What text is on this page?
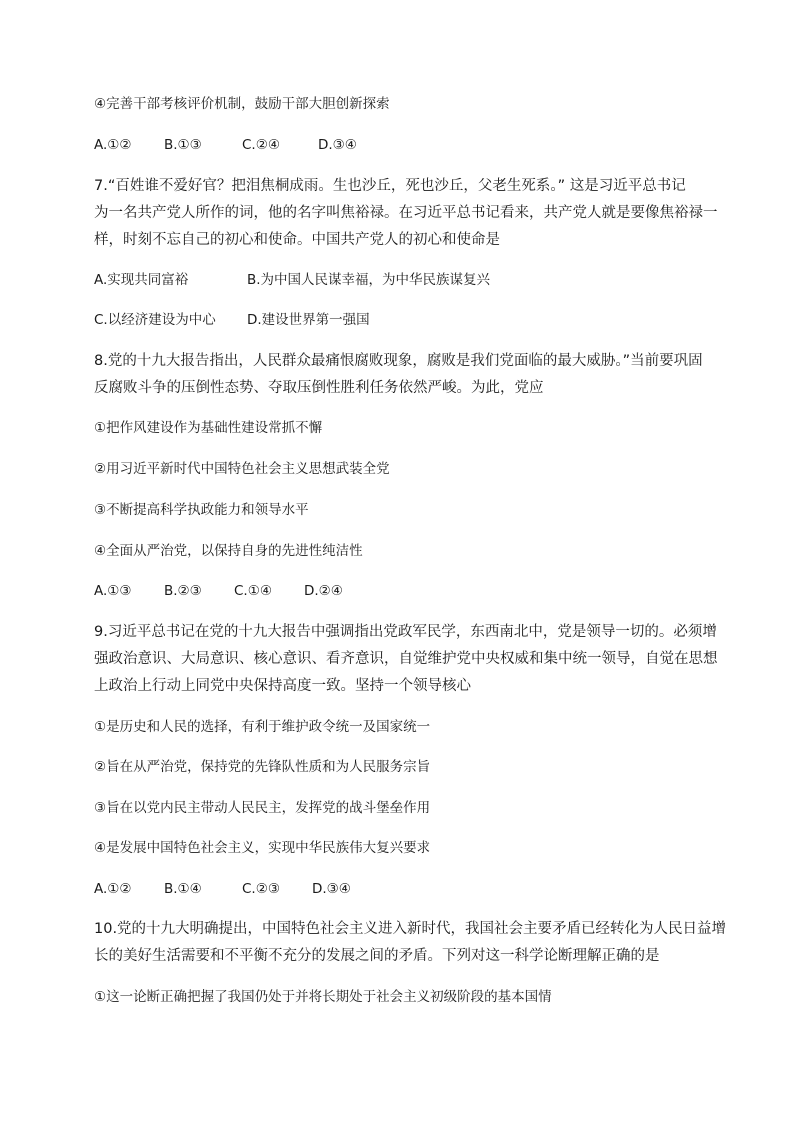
④完善干部考核评价机制，鼓励干部大胆创新探索
A.①② B.①③	C.②④	D.③④
7.“百姓谁不爱好官？把泪焦桐成雨。生也沙丘，死也沙丘，父老生死系。” 这是习近平总书记
为一名共产党人所作的词，他的名字叫焦裕禄。在习近平总书记看来，共产党人就是要像焦裕禄一
样，时刻不忘自己的初心和使命。中国共产党人的初心和使命是
A.实现共同富裕	B.为中国人民谋幸福，为中华民族谋复兴
C.以经济建设为中心 D.建设世界第一强国
8.党的十九大报告指出，人民群众最痛恨腐败现象，腐败是我们党面临的最大威胁。”当前要巩固
反腐败斗争的压倒性态势、夺取压倒性胜利任务依然严峻。为此，党应
①把作风建设作为基础性建设常抓不懈
②用习近平新时代中国特色社会主义思想武装全党
③不断提高科学执政能力和领导水平
④全面从严治党，以保持自身的先进性纯洁性
A.①③ B.②③ C.①④ D.②④
9.习近平总书记在党的十九大报告中强调指出党政军民学，东西南北中，党是领导一切的。必须增
强政治意识、大局意识、核心意识、看齐意识，自觉维护党中央权威和集中统一领导，自觉在思想
上政治上行动上同党中央保持高度一致。坚持一个领导核心
①是历史和人民的选择，有利于维护政令统一及国家统一
②旨在从严治党，保持党的先锋队性质和为人民服务宗旨
③旨在以党内民主带动人民民主，发挥党的战斗堡垒作用
④是发展中国特色社会主义，实现中华民族伟大复兴要求
A.①② B.①④	C.②③ D.③④
10.党的十九大明确提出，中国特色社会主义进入新时代，我国社会主要矛盾已经转化为人民日益增
长的美好生活需要和不平衡不充分的发展之间的矛盾。下列对这一科学论断理解正确的是
①这一论断正确把握了我国仍处于并将长期处于社会主义初级阶段的基本国情
